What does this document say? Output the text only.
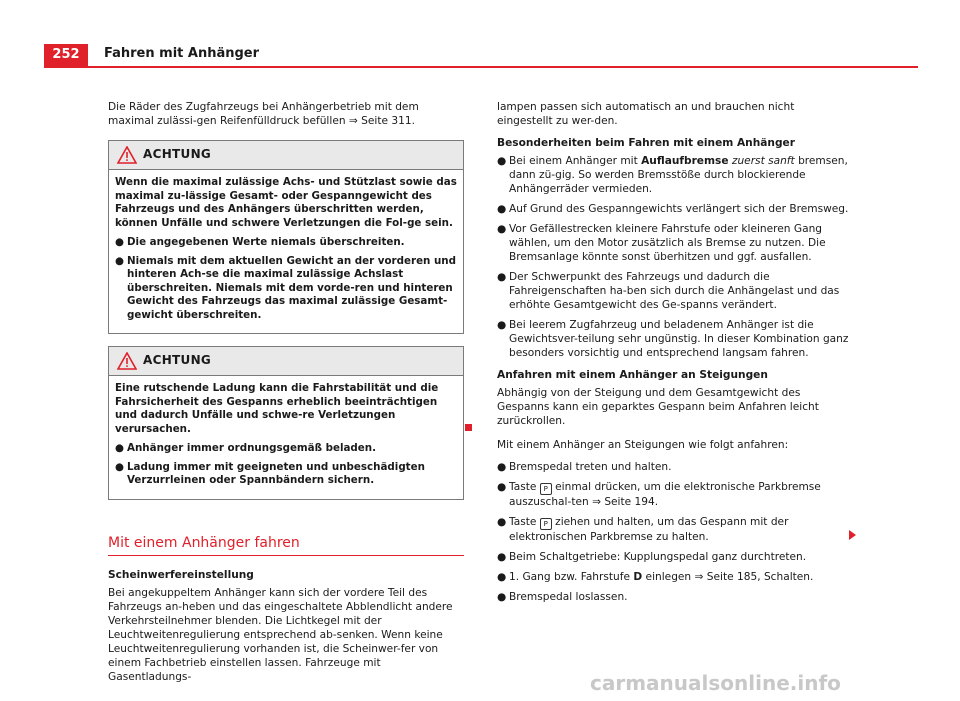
252	Fahren mit Anhänger

Die Räder des Zugfahrzeugs bei Anhängerbetrieb mit dem maximal zulässi-gen Reifenfülldruck befüllen ⇒ Seite 311.

ACHTUNG

Wenn die maximal zulässige Achs- und Stützlast sowie das maximal zu-lässige Gesamt- oder Gespanngewicht des Fahrzeugs und des Anhängers überschritten werden, können Unfälle und schwere Verletzungen die Fol-ge sein.

● Die angegebenen Werte niemals überschreiten.
● Niemals mit dem aktuellen Gewicht an der vorderen und hinteren Ach-se die maximal zulässige Achslast überschreiten. Niemals mit dem vorde-ren und hinteren Gewicht des Fahrzeugs das maximal zulässige Gesamt-gewicht überschreiten.
ACHTUNG

Eine rutschende Ladung kann die Fahrstabilität und die Fahrsicherheit des Gespanns erheblich beeinträchtigen und dadurch Unfälle und schwe-re Verletzungen verursachen.

● Anhänger immer ordnungsgemäß beladen.
● Ladung immer mit geeigneten und unbeschädigten Verzurrleinen oder Spannbändern sichern.
Mit einem Anhänger fahren

Scheinwerfereinstellung

Bei angekuppeltem Anhänger kann sich der vordere Teil des Fahrzeugs an-heben und das eingeschaltete Abblendlicht andere Verkehrsteilnehmer blenden. Die Lichtkegel mit der Leuchtweitenregulierung entsprechend ab-senken. Wenn keine Leuchtweitenregulierung vorhanden ist, die Scheinwer-fer von einem Fachbetrieb einstellen lassen. Fahrzeuge mit Gasentladungs-

lampen passen sich automatisch an und brauchen nicht eingestellt zu wer-den.

Besonderheiten beim Fahren mit einem Anhänger

● Bei einem Anhänger mit Auflaufbremse zuerst sanft bremsen, dann zü-gig. So werden Bremsstöße durch blockierende Anhängerräder vermieden.
● Auf Grund des Gespanngewichts verlängert sich der Bremsweg.
● Vor Gefällestrecken kleinere Fahrstufe oder kleineren Gang wählen, um den Motor zusätzlich als Bremse zu nutzen. Die Bremsanlage könnte sonst überhitzen und ggf. ausfallen.
● Der Schwerpunkt des Fahrzeugs und dadurch die Fahreigenschaften ha-ben sich durch die Anhängelast und das erhöhte Gesamtgewicht des Ge-spanns verändert.
● Bei leerem Zugfahrzeug und beladenem Anhänger ist die Gewichtsver-teilung sehr ungünstig. In dieser Kombination ganz besonders vorsichtig und entsprechend langsam fahren.

Anfahren mit einem Anhänger an Steigungen

Abhängig von der Steigung und dem Gesamtgewicht des Gespanns kann ein geparktes Gespann beim Anfahren leicht zurückrollen.

Mit einem Anhänger an Steigungen wie folgt anfahren:

● Bremspedal treten und halten.
● Taste P einmal drücken, um die elektronische Parkbremse auszuschal-ten ⇒ Seite 194.
● Taste P ziehen und halten, um das Gespann mit der elektronischen Parkbremse zu halten.
● Beim Schaltgetriebe: Kupplungspedal ganz durchtreten.
● 1. Gang bzw. Fahrstufe D einlegen ⇒ Seite 185, Schalten.
● Bremspedal loslassen.
carmanualsonline.info
